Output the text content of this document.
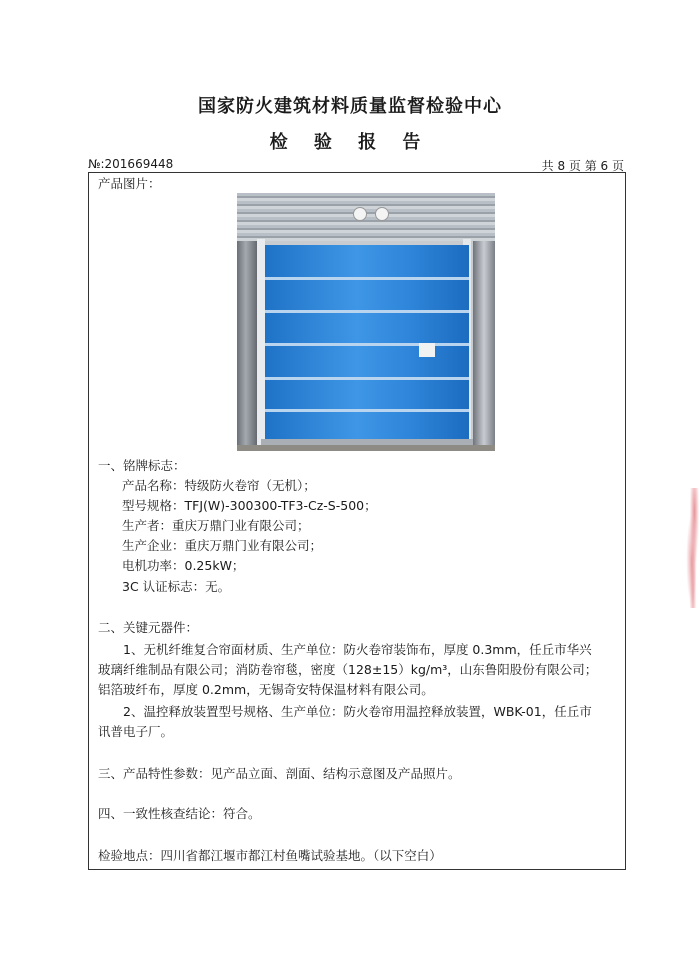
国家防火建筑材料质量监督检验中心
检 验 报 告
№:201669448	共 8 页 第 6 页
产品图片：
一、铭牌标志：
产品名称：特级防火卷帘（无机）；
型号规格：TFJ(W)-300300-TF3-Cz-S-500；
生产者：重庆万鼎门业有限公司；
生产企业：重庆万鼎门业有限公司；
电机功率：0.25kW；
3C 认证标志：无。
二、关键元器件：
1、无机纤维复合帘面材质、生产单位：防火卷帘装饰布，厚度 0.3mm，任丘市华兴玻璃纤维制品有限公司；消防卷帘毯，密度（128±15）kg/m³，山东鲁阳股份有限公司；铝箔玻纤布，厚度 0.2mm，无锡奇安特保温材料有限公司。
2、温控释放装置型号规格、生产单位：防火卷帘用温控释放装置，WBK-01，任丘市讯普电子厂。
三、产品特性参数：见产品立面、剖面、结构示意图及产品照片。
四、一致性核查结论：符合。
检验地点：四川省都江堰市都江村鱼嘴试验基地。（以下空白）
